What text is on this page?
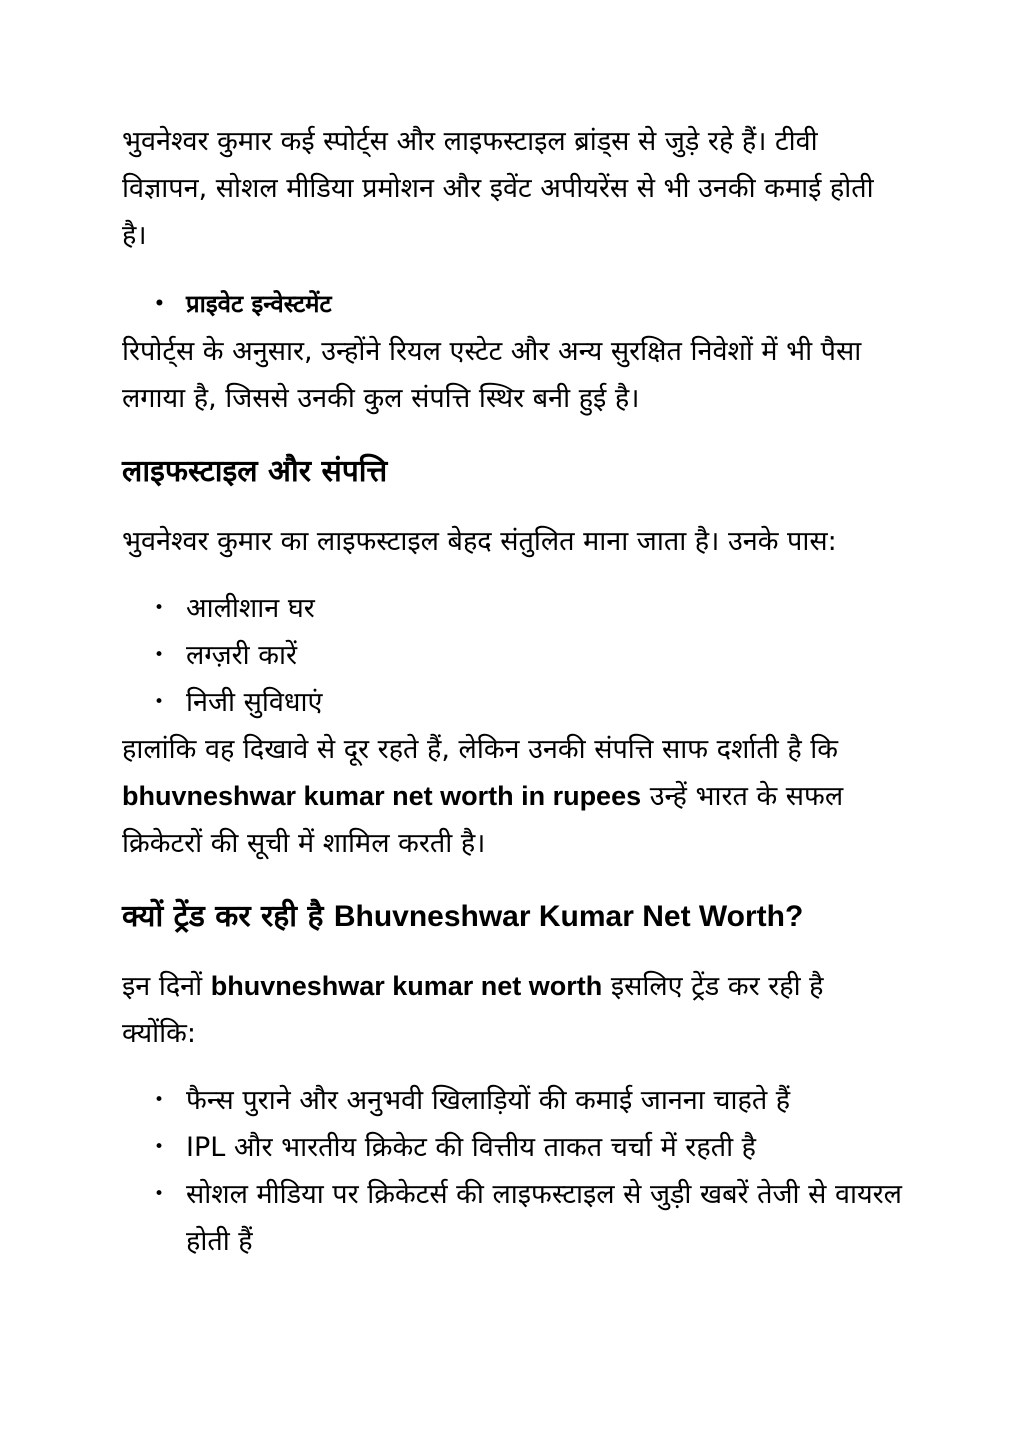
भुवनेश्वर कुमार कई स्पोर्ट्स और लाइफस्टाइल ब्रांड्स से जुड़े रहे हैं। टीवी विज्ञापन, सोशल मीडिया प्रमोशन और इवेंट अपीयरेंस से भी उनकी कमाई होती है।

• प्राइवेट इन्वेस्टमेंट

रिपोर्ट्स के अनुसार, उन्होंने रियल एस्टेट और अन्य सुरक्षित निवेशों में भी पैसा लगाया है, जिससे उनकी कुल संपत्ति स्थिर बनी हुई है।

लाइफस्टाइल और संपत्ति

भुवनेश्वर कुमार का लाइफस्टाइल बेहद संतुलित माना जाता है। उनके पास:

• आलीशान घर
• लग्ज़री कारें
• निजी सुविधाएं

हालांकि वह दिखावे से दूर रहते हैं, लेकिन उनकी संपत्ति साफ दर्शाती है कि bhuvneshwar kumar net worth in rupees उन्हें भारत के सफल क्रिकेटरों की सूची में शामिल करती है।

क्यों ट्रेंड कर रही है Bhuvneshwar Kumar Net Worth?

इन दिनों bhuvneshwar kumar net worth इसलिए ट्रेंड कर रही है क्योंकि:

• फैन्स पुराने और अनुभवी खिलाड़ियों की कमाई जानना चाहते हैं
• IPL और भारतीय क्रिकेट की वित्तीय ताकत चर्चा में रहती है
• सोशल मीडिया पर क्रिकेटर्स की लाइफस्टाइल से जुड़ी खबरें तेजी से वायरल होती हैं
